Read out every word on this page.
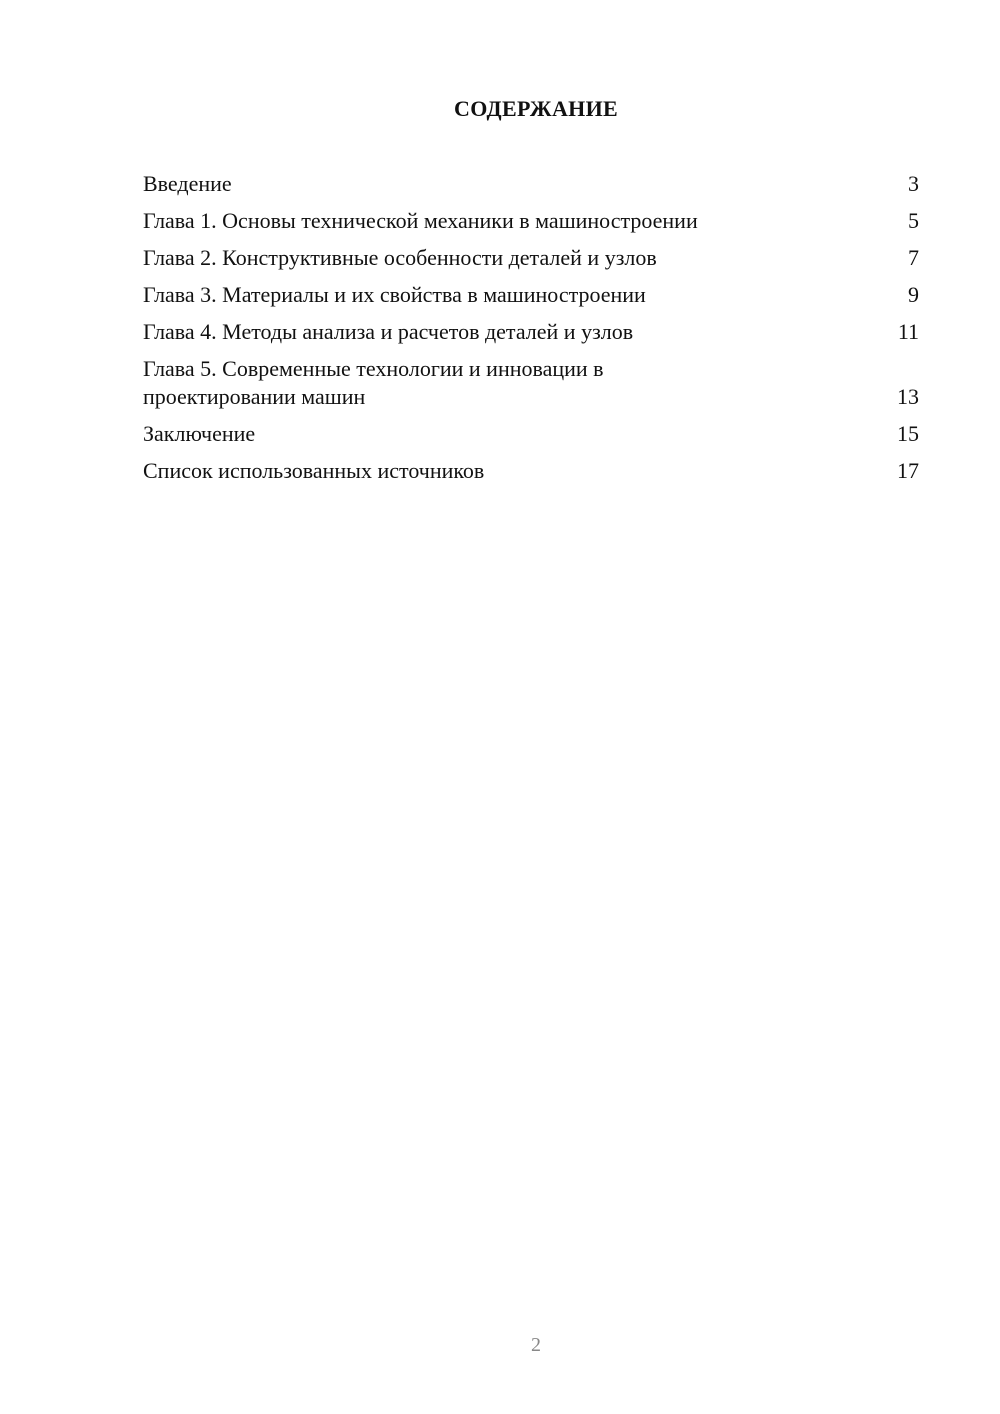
СОДЕРЖАНИЕ
Введение	3
Глава 1. Основы технической механики в машиностроении	5
Глава 2. Конструктивные особенности деталей и узлов	7
Глава 3. Материалы и их свойства в машиностроении	9
Глава 4. Методы анализа и расчетов деталей и узлов	11
Глава 5. Современные технологии и инновации в проектировании машин	13
Заключение	15
Список использованных источников	17
2
